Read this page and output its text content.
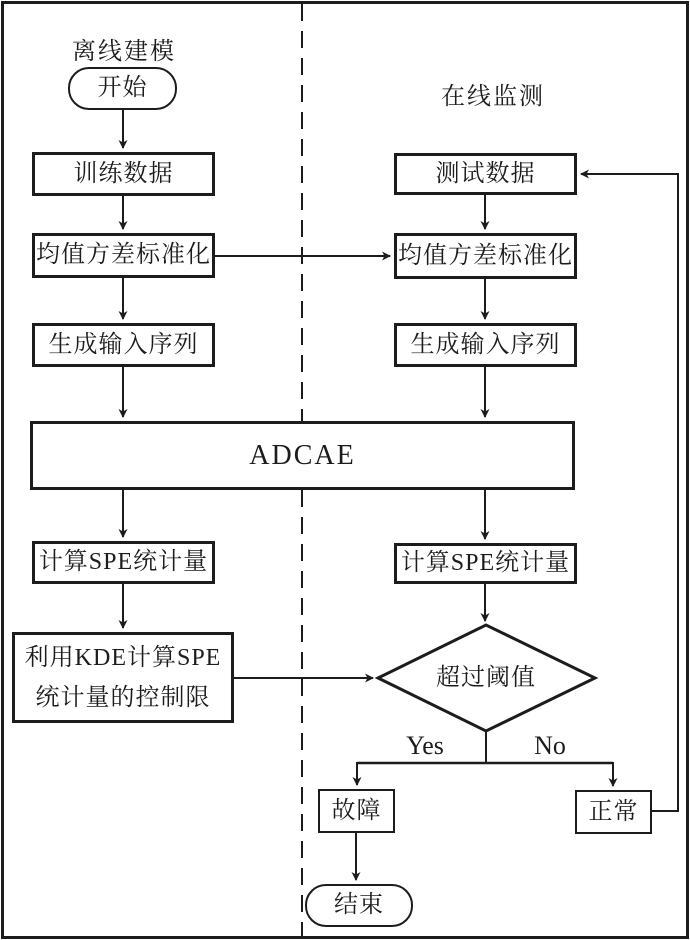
离线建模
在线监测
开始
训练数据
均值方差标准化
生成输入序列
ADCAE
计算SPE统计量
利用KDE计算SPE
统计量的控制限
测试数据
均值方差标准化
生成输入序列
计算SPE统计量
超过阈值
Yes	No
故障	正常
结束
